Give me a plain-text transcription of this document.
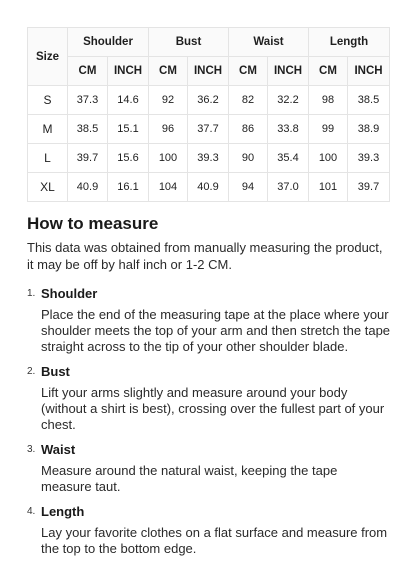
Size	Shoulder		Bust		Waist		Length	
	CM	INCH	CM	INCH	CM	INCH	CM	INCH
S	37.3	14.6	92	36.2	82	32.2	98	38.5
M	38.5	15.1	96	37.7	86	33.8	99	38.9
L	39.7	15.6	100	39.3	90	35.4	100	39.3
XL	40.9	16.1	104	40.9	94	37.0	101	39.7
How to measure

This data was obtained from manually measuring the product, it may be off by half inch or 1-2 CM.

1. Shoulder
Place the end of the measuring tape at the place where your shoulder meets the top of your arm and then stretch the tape straight across to the tip of your other shoulder blade.
2. Bust
Lift your arms slightly and measure around your body (without a shirt is best), crossing over the fullest part of your chest.
3. Waist
Measure around the natural waist, keeping the tape measure taut.
4. Length
Lay your favorite clothes on a flat surface and measure from the top to the bottom edge.
